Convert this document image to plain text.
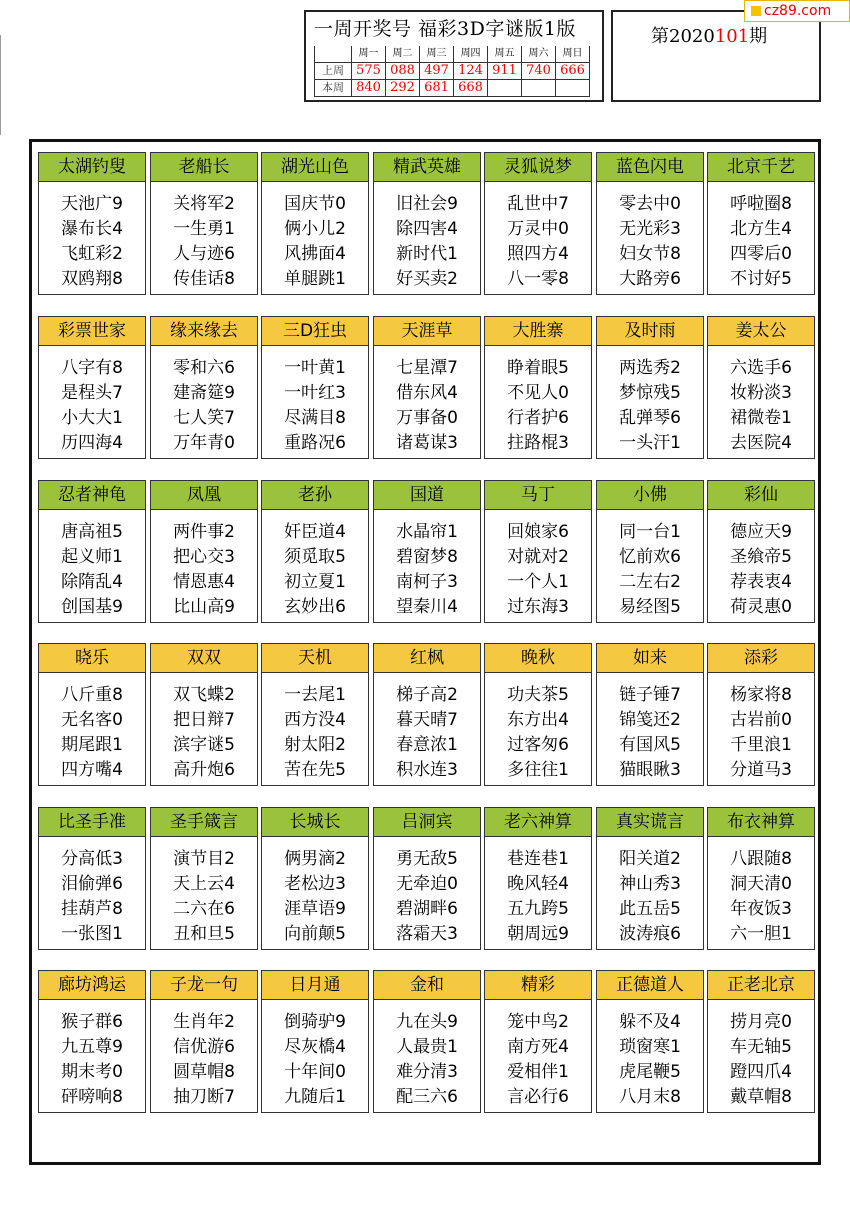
一周开奖号 福彩3D字谜版1版
	周一	周二	周三	周四	周五	周六	周日
上周	575	088	497	124	911	740	666
本周	840	292	681	668			
第2020101期
cz89.com
太湖钓叟
天池广9
瀑布长4
飞虹彩2
双鸥翔8
老船长
关将军2
一生勇1
人与迹6
传佳话8
湖光山色
国庆节0
俩小儿2
风拂面4
单腿跳1
精武英雄
旧社会9
除四害4
新时代1
好买卖2
灵狐说梦
乱世中7
万灵中0
照四方4
八一零8
蓝色闪电
零去中0
无光彩3
妇女节8
大路旁6
北京千艺
呼啦圈8
北方生4
四零后0
不讨好5
彩票世家
八字有8
是程头7
小大大1
历四海4
缘来缘去
零和六6
建斋筵9
七人笑7
万年青0
三D狂虫
一叶黄1
一叶红3
尽满目8
重路况6
天涯草
七星潭7
借东风4
万事备0
诸葛谋3
大胜寨
睁着眼5
不见人0
行者护6
拄路棍3
及时雨
两选秀2
梦惊残5
乱弹琴6
一头汗1
姜太公
六选手6
妆粉淡3
裙微卷1
去医院4
忍者神龟
唐高祖5
起义师1
除隋乱4
创国基9
凤凰
两件事2
把心交3
情恩惠4
比山高9
老孙
奸臣道4
须觅取5
初立夏1
玄妙出6
国道
水晶帘1
碧窗梦8
南柯子3
望秦川4
马丁
回娘家6
对就对2
一个人1
过东海3
小佛
同一台1
忆前欢6
二左右2
易经图5
彩仙
德应天9
圣飨帝5
荐表衷4
荷灵惠0
晓乐
八斤重8
无名客0
期尾跟1
四方嘴4
双双
双飞蝶2
把日辩7
滨字谜5
高升炮6
天机
一去尾1
西方没4
射太阳2
苦在先5
红枫
梯子高2
暮天晴7
春意浓1
积水连3
晚秋
功夫茶5
东方出4
过客匆6
多往往1
如来
链子锤7
锦笺还2
有国风5
猫眼瞅3
添彩
杨家将8
古岩前0
千里浪1
分道马3
比圣手准
分高低3
泪偷弹6
挂葫芦8
一张图1
圣手箴言
演节目2
天上云4
二六在6
丑和旦5
长城长
俩男滴2
老松边3
涯草语9
向前颠5
吕洞宾
勇无敌5
无牵迫0
碧湖畔6
落霜天3
老六神算
巷连巷1
晚风轻4
五九跨5
朝周远9
真实谎言
阳关道2
神山秀3
此五岳5
波涛痕6
布衣神算
八跟随8
洞天清0
年夜饭3
六一胆1
廊坊鸿运
猴子群6
九五尊9
期末考0
砰嗙响8
子龙一句
生肖年2
信优游6
圆草帽8
抽刀断7
日月通
倒骑驴9
尽灰橋4
十年间0
九随后1
金和
九在头9
人最贵1
难分清3
配三六6
精彩
笼中鸟2
南方死4
爱相伴1
言必行6
正德道人
躲不及4
琐窗寒1
虎尾鞭5
八月末8
正老北京
捞月亮0
车无轴5
蹬四爪4
戴草帽8
